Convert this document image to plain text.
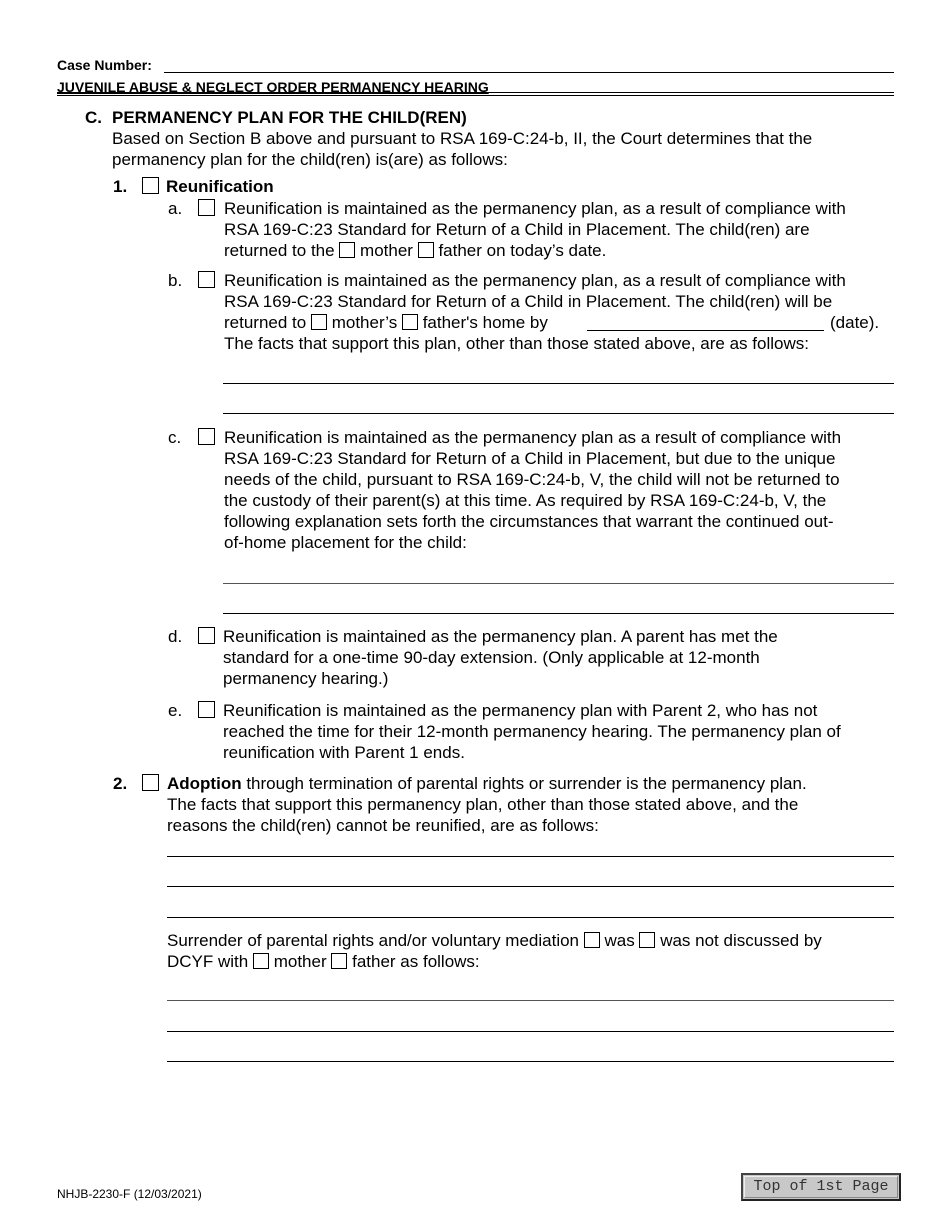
Case Number:
JUVENILE ABUSE & NEGLECT ORDER PERMANENCY HEARING
C. PERMANENCY PLAN FOR THE CHILD(REN)
Based on Section B above and pursuant to RSA 169-C:24-b, II, the Court determines that the
permanency plan for the child(ren) is(are) as follows:
1. Reunification
a. Reunification is maintained as the permanency plan, as a result of compliance with
RSA 169-C:23 Standard for Return of a Child in Placement. The child(ren) are
returned to the mother father on today’s date.
b. Reunification is maintained as the permanency plan, as a result of compliance with
RSA 169-C:23 Standard for Return of a Child in Placement. The child(ren) will be
returned to mother’s father's home by	(date).
The facts that support this plan, other than those stated above, are as follows:
c.	Reunification is maintained as the permanency plan as a result of compliance with
RSA 169-C:23 Standard for Return of a Child in Placement, but due to the unique
needs of the child, pursuant to RSA 169-C:24-b, V, the child will not be returned to
the custody of their parent(s) at this time. As required by RSA 169-C:24-b, V, the
following explanation sets forth the circumstances that warrant the continued out-
of-home placement for the child:
d. Reunification is maintained as the permanency plan. A parent has met the
standard for a one-time 90-day extension. (Only applicable at 12-month
permanency hearing.)
e. Reunification is maintained as the permanency plan with Parent 2, who has not
reached the time for their 12-month permanency hearing. The permanency plan of
reunification with Parent 1 ends.
2. Adoption through termination of parental rights or surrender is the permanency plan.
The facts that support this permanency plan, other than those stated above, and the
reasons the child(ren) cannot be reunified, are as follows:
Surrender of parental rights and/or voluntary mediation was was not discussed by
DCYF with mother father as follows:
NHJB-2230-F (12/03/2021)	Top of 1st Page
